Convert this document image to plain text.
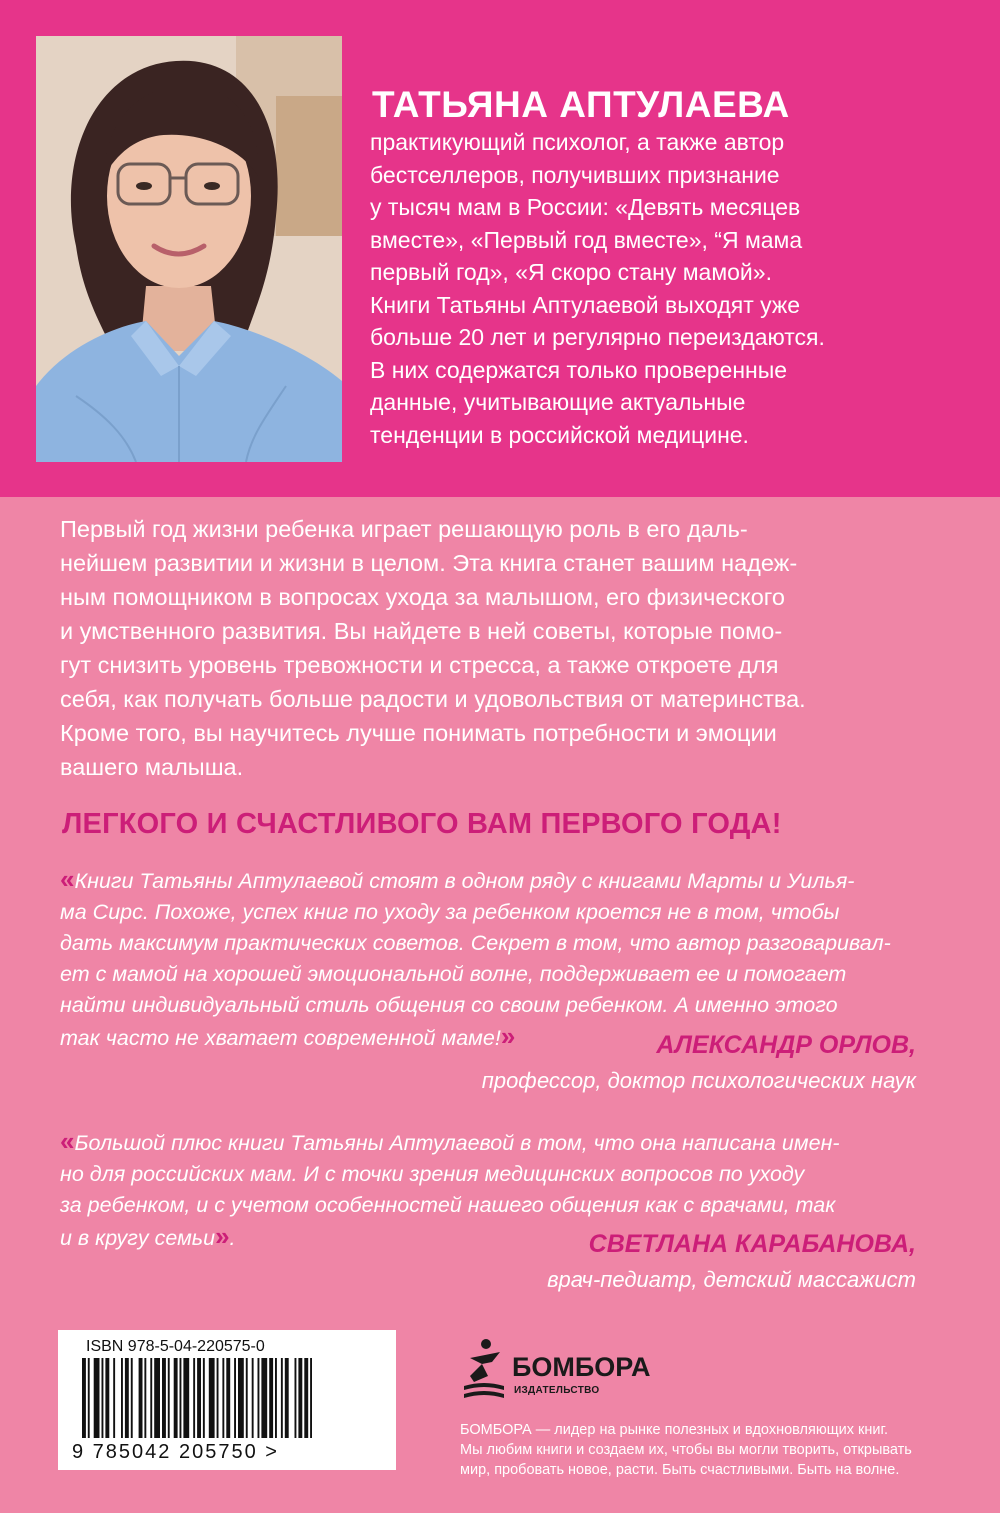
ТАТЬЯНА АПТУЛАЕВА

практикующий психолог, а также автор
бестселлеров, получивших признание
у тысяч мам в России: «Девять месяцев
вместе», «Первый год вместе», “Я мама
первый год», «Я скоро стану мамой».
Книги Татьяны Аптулаевой выходят уже
больше 20 лет и регулярно переиздаются.
В них содержатся только проверенные
данные, учитывающие актуальные
тенденции в российской медицине.

Первый год жизни ребенка играет решающую роль в его даль-
нейшем развитии и жизни в целом. Эта книга станет вашим надеж-
ным помощником в вопросах ухода за малышом, его физического
и умственного развития. Вы найдете в ней советы, которые помо-
гут снизить уровень тревожности и стресса, а также откроете для
себя, как получать больше радости и удовольствия от материнства.
Кроме того, вы научитесь лучше понимать потребности и эмоции
вашего малыша.

ЛЕГКОГО И СЧАСТЛИВОГО ВАМ ПЕРВОГО ГОДА!

«Книги Татьяны Аптулаевой стоят в одном ряду с книгами Марты и Уилья-
ма Сирс. Похоже, успех книг по уходу за ребенком кроется не в том, чтобы
дать максимум практических советов. Секрет в том, что автор разговаривал-
ет с мамой на хорошей эмоциональной волне, поддерживает ее и помогает
найти индивидуальный стиль общения со своим ребенком. А именно этого
так часто не хватает современной маме!»	АЛЕКСАНДР ОРЛОВ,

профессор, доктор психологических наук

«Большой плюс книги Татьяны Аптулаевой в том, что она написана имен-
но для российских мам. И с точки зрения медицинских вопросов по уходу
за ребенком, и с учетом особенностей нашего общения как с врачами, так
и в кругу семьи».	СВЕТЛАНА КАРАБАНОВА,

врач-педиатр, детский массажист

ISBN 978-5-04-220575-0
9 785042 205750 >

БОМБОРА

ИЗДАТЕЛЬСТВО

БОМБОРА — лидер на рынке полезных и вдохновляющих книг.
Мы любим книги и создаем их, чтобы вы могли творить, открывать
мир, пробовать новое, расти. Быть счастливыми. Быть на волне.
